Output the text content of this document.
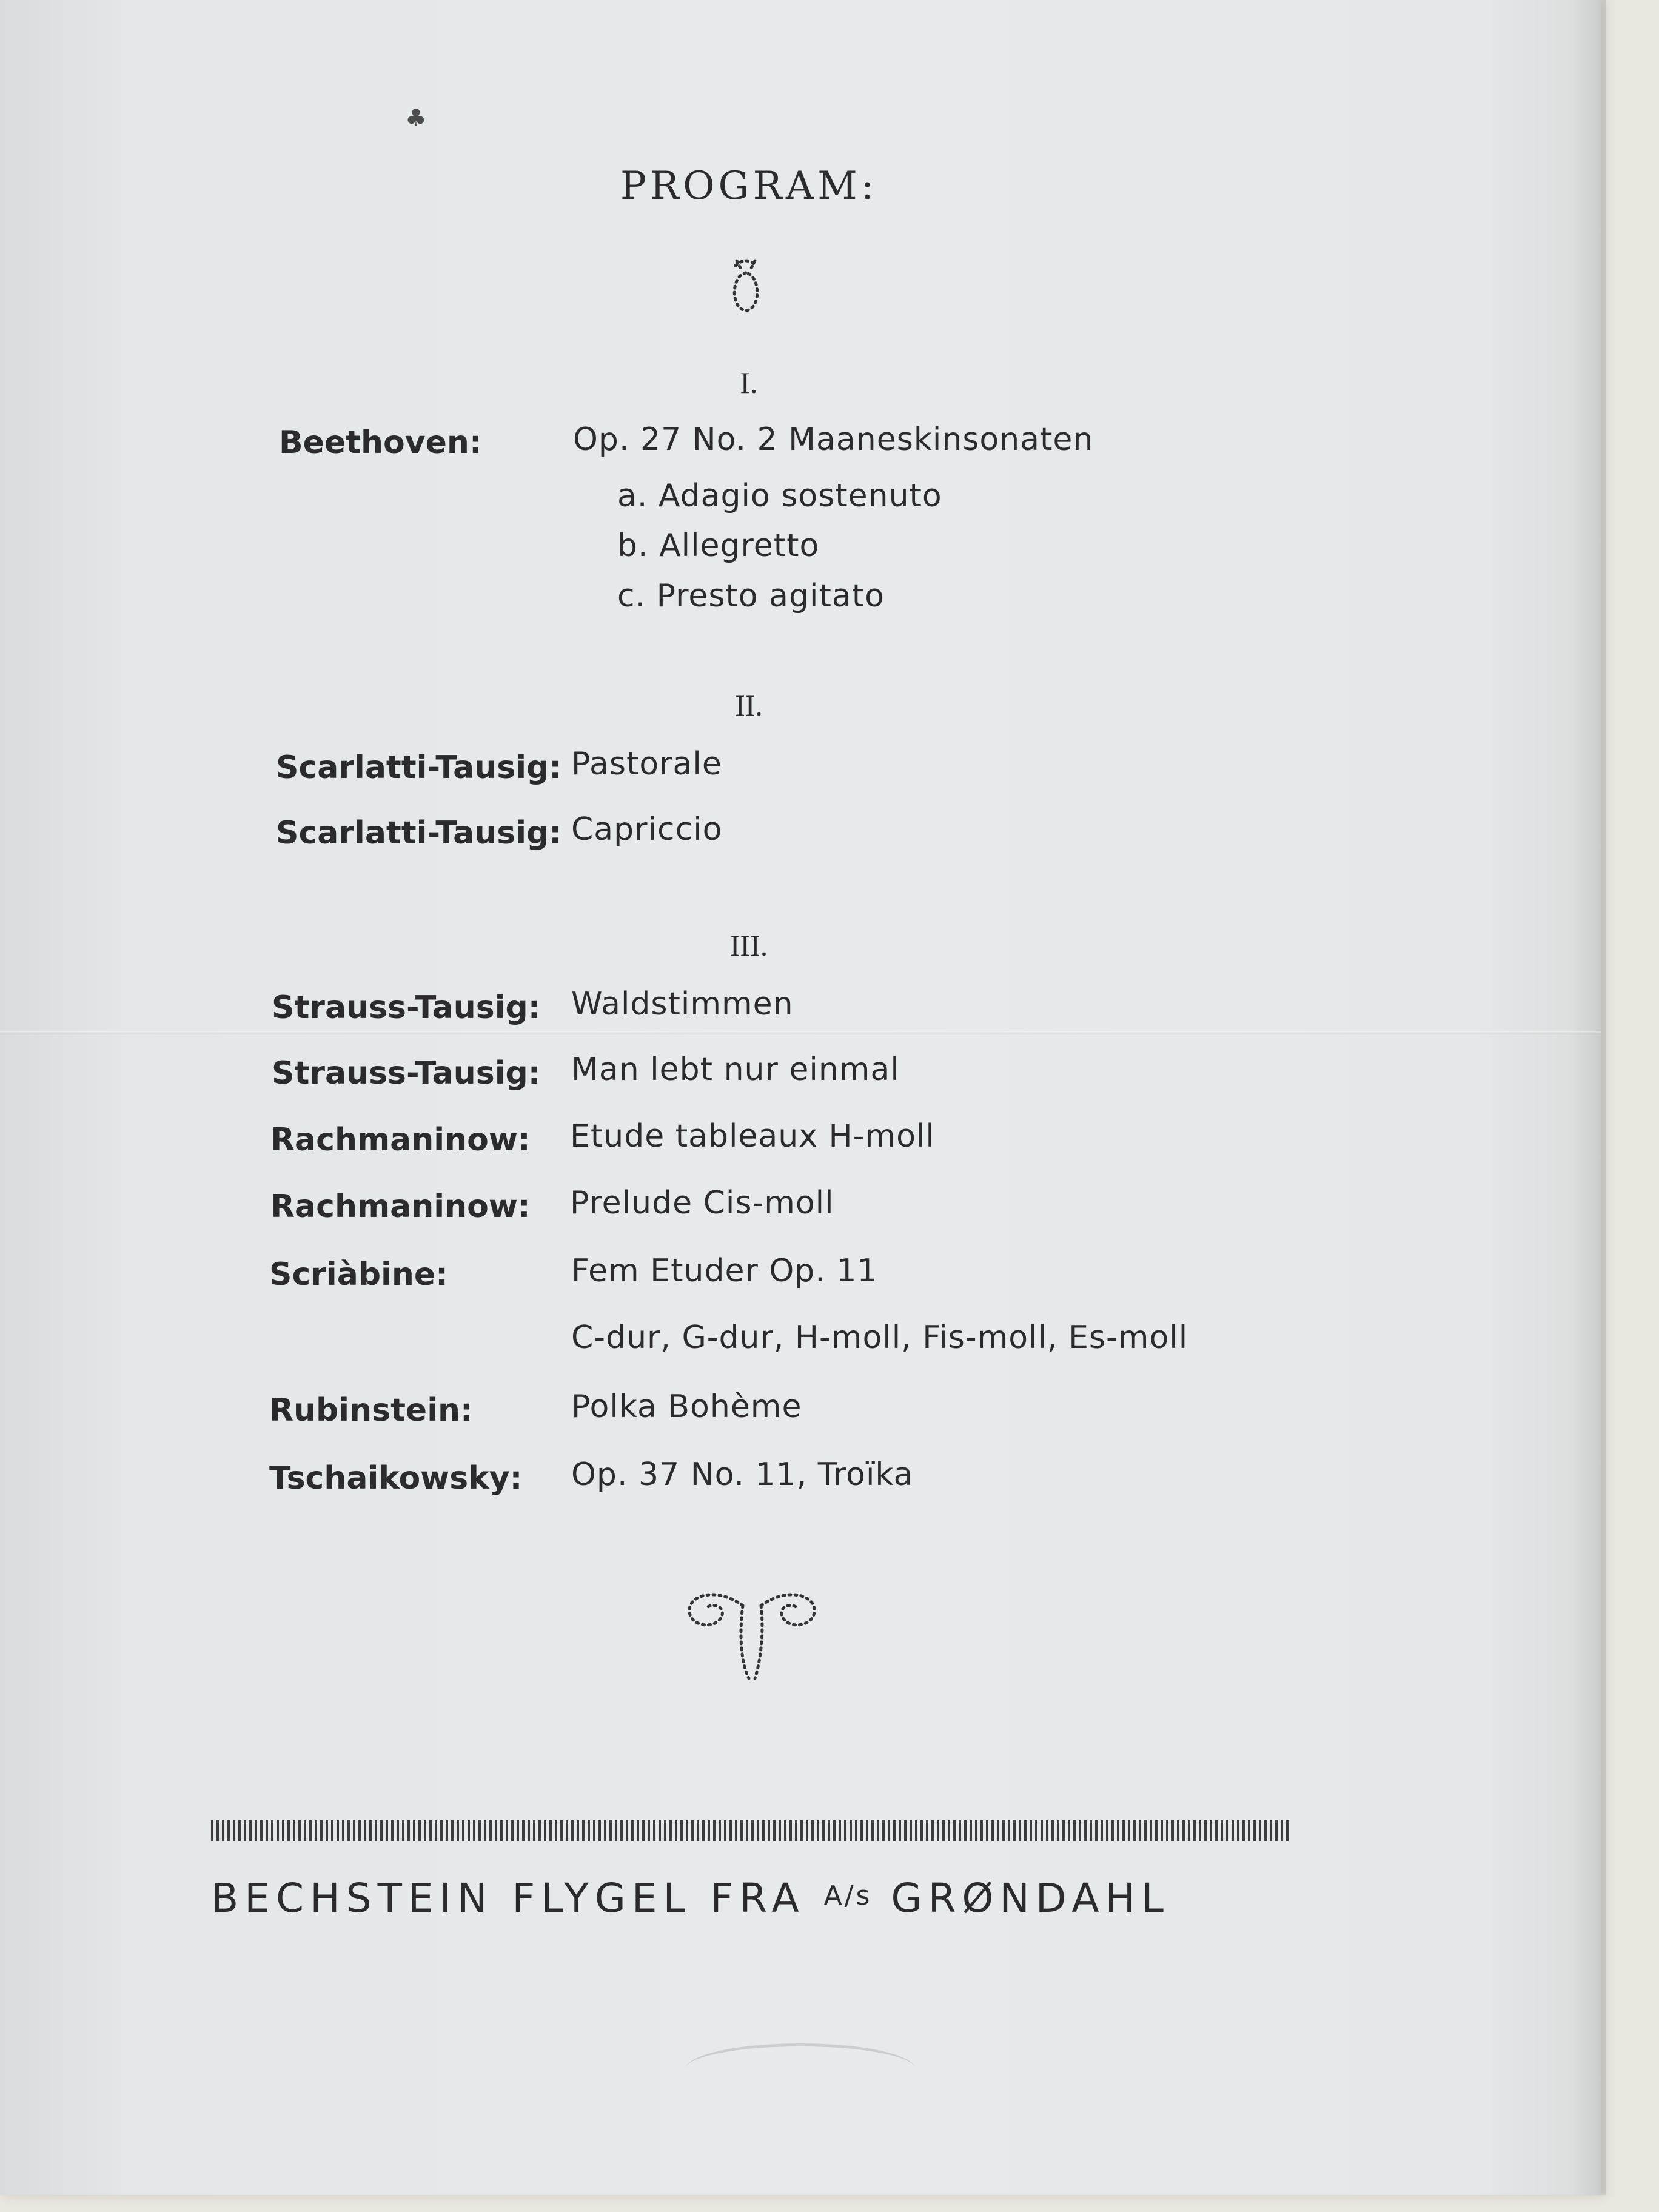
♣
PROGRAM:
I.
Beethoven:	Op. 27 No. 2 Maaneskinsonaten
a. Adagio sostenuto
b. Allegretto
c. Presto agitato
II.
Scarlatti-Tausig: Pastorale
Scarlatti-Tausig: Capriccio
III.
Strauss-Tausig: Waldstimmen
Strauss-Tausig: Man lebt nur einmal
Rachmaninow: Etude tableaux H-moll
Rachmaninow: Prelude Cis-moll
Scriàbine:	Fem Etuder Op. 11
C-dur, G-dur, H-moll, Fis-moll, Es-moll
Rubinstein:	Polka Bohème
Tschaikowsky: Op. 37 No. 11, Troïka
BECHSTEIN FLYGEL FRA A/s GRØNDAHL
